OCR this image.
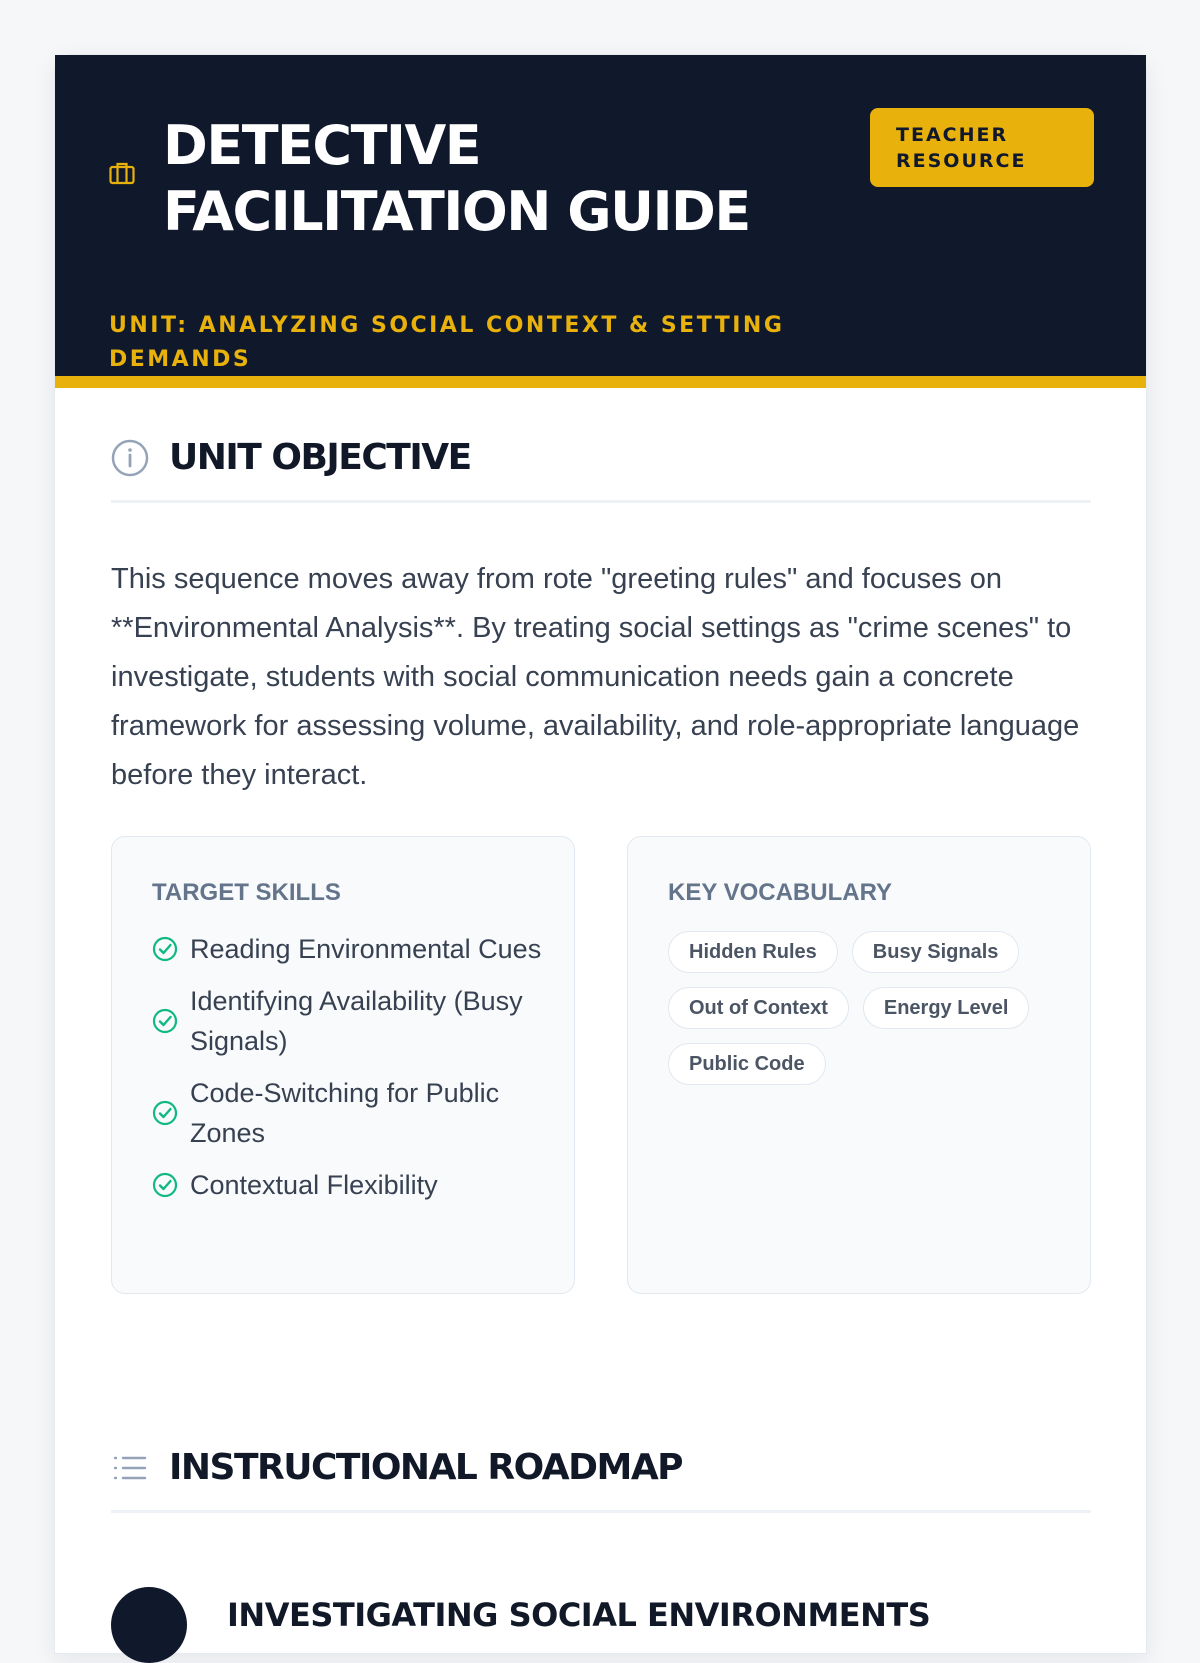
DETECTIVE FACILITATION GUIDE
UNIT: ANALYZING SOCIAL CONTEXT & SETTING DEMANDS
TEACHER RESOURCE
UNIT OBJECTIVE

This sequence moves away from rote "greeting rules" and focuses on **Environmental Analysis**. By treating social settings as "crime scenes" to investigate, students with social communication needs gain a concrete framework for assessing volume, availability, and role-appropriate language before they interact.

TARGET SKILLS
Reading Environmental Cues
Identifying Availability (Busy Signals)
Code-Switching for Public Zones
Contextual Flexibility
KEY VOCABULARY
Hidden Rules	Busy Signals
Out of Context	Energy Level
Public Code
INSTRUCTIONAL ROADMAP
INVESTIGATING SOCIAL ENVIRONMENTS
